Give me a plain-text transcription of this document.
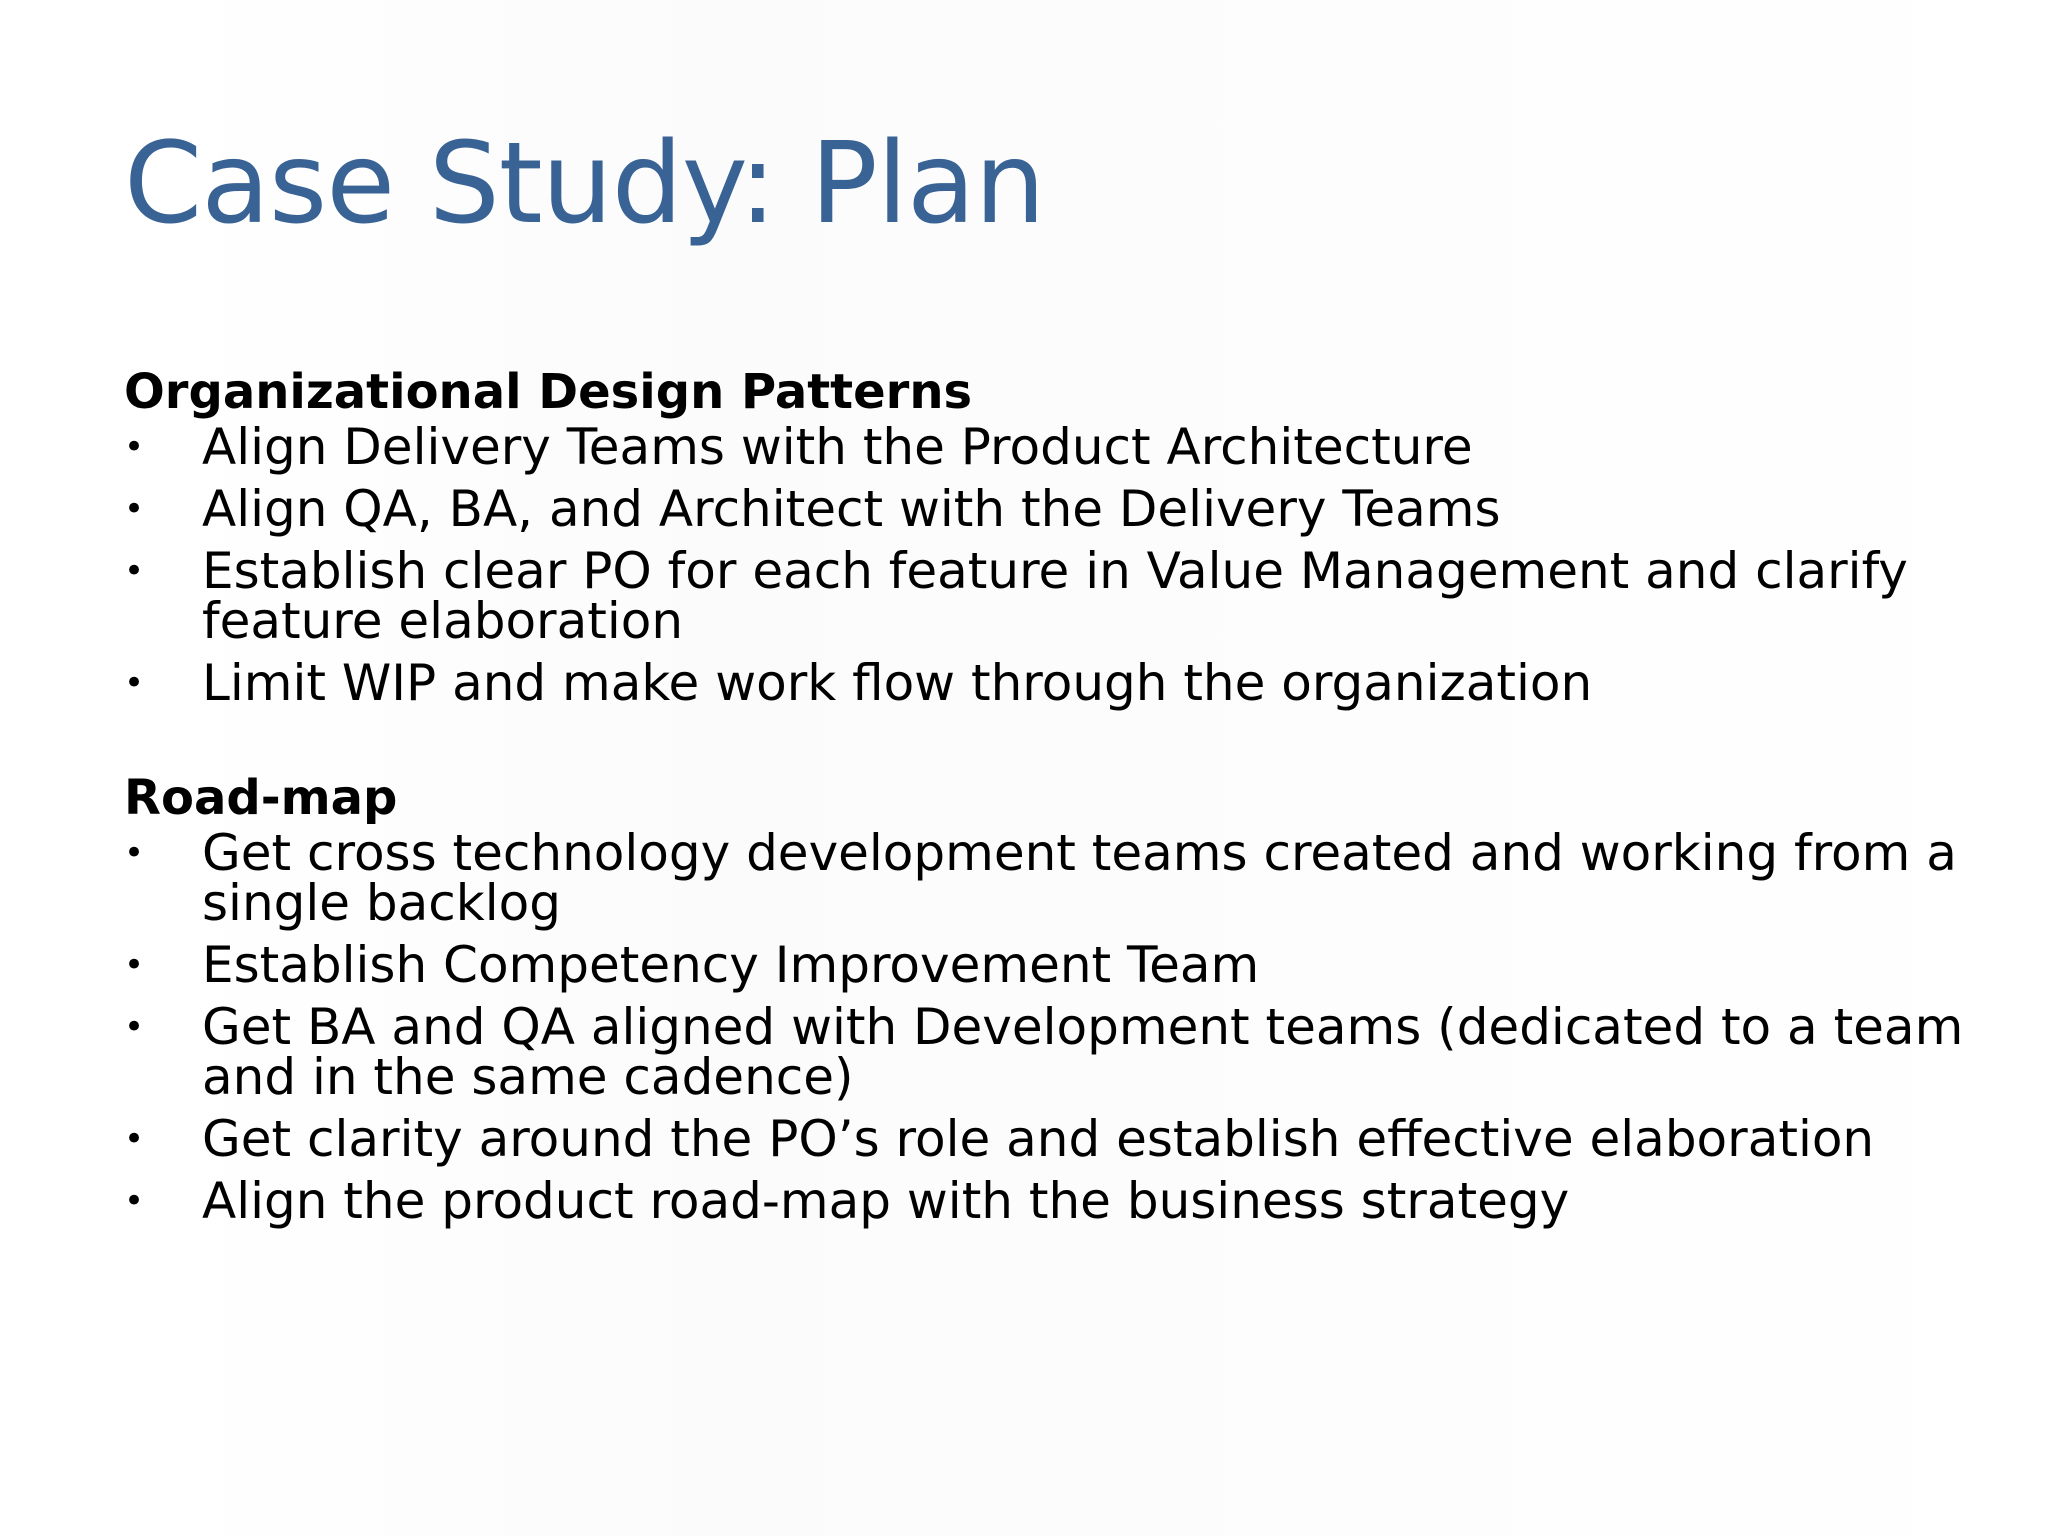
Case Study: Plan

Organizational Design Patterns

• Align Delivery Teams with the Product Architecture
• Align QA, BA, and Architect with the Delivery Teams
• Establish clear PO for each feature in Value Management and clarify feature elaboration
• Limit WIP and make work flow through the organization

Road-map

• Get cross technology development teams created and working from a single backlog
• Establish Competency Improvement Team
• Get BA and QA aligned with Development teams (dedicated to a team and in the same cadence)
• Get clarity around the PO’s role and establish effective elaboration
• Align the product road-map with the business strategy
